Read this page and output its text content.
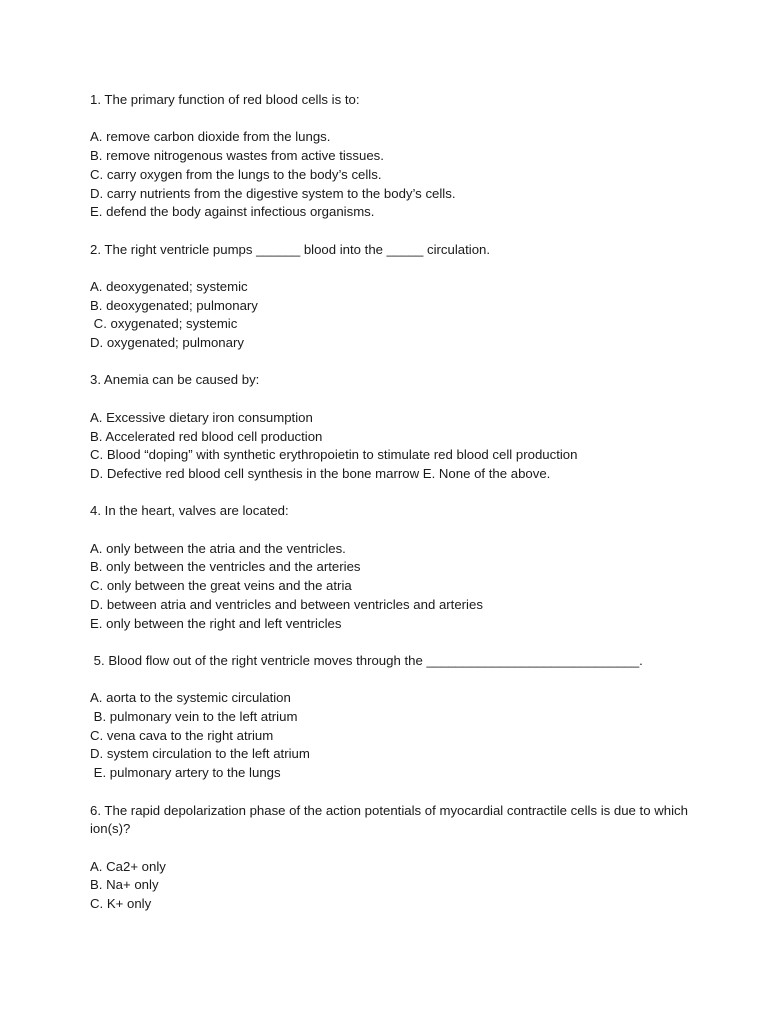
1. The primary function of red blood cells is to:
A. remove carbon dioxide from the lungs.
B. remove nitrogenous wastes from active tissues.
C. carry oxygen from the lungs to the body’s cells.
D. carry nutrients from the digestive system to the body’s cells.
E. defend the body against infectious organisms.
2. The right ventricle pumps ______ blood into the _____ circulation.
A. deoxygenated; systemic
B. deoxygenated; pulmonary
C. oxygenated; systemic
D. oxygenated; pulmonary
3. Anemia can be caused by:
A. Excessive dietary iron consumption
B. Accelerated red blood cell production
C. Blood “doping” with synthetic erythropoietin to stimulate red blood cell production
D. Defective red blood cell synthesis in the bone marrow E. None of the above.
4. In the heart, valves are located:
A. only between the atria and the ventricles.
B. only between the ventricles and the arteries
C. only between the great veins and the atria
D. between atria and ventricles and between ventricles and arteries
E. only between the right and left ventricles
5. Blood flow out of the right ventricle moves through the _____________________________.
A. aorta to the systemic circulation
B. pulmonary vein to the left atrium
C. vena cava to the right atrium
D. system circulation to the left atrium
E. pulmonary artery to the lungs
6. The rapid depolarization phase of the action potentials of myocardial contractile cells is due to which ion(s)?
A. Ca2+ only
B. Na+ only
C. K+ only
